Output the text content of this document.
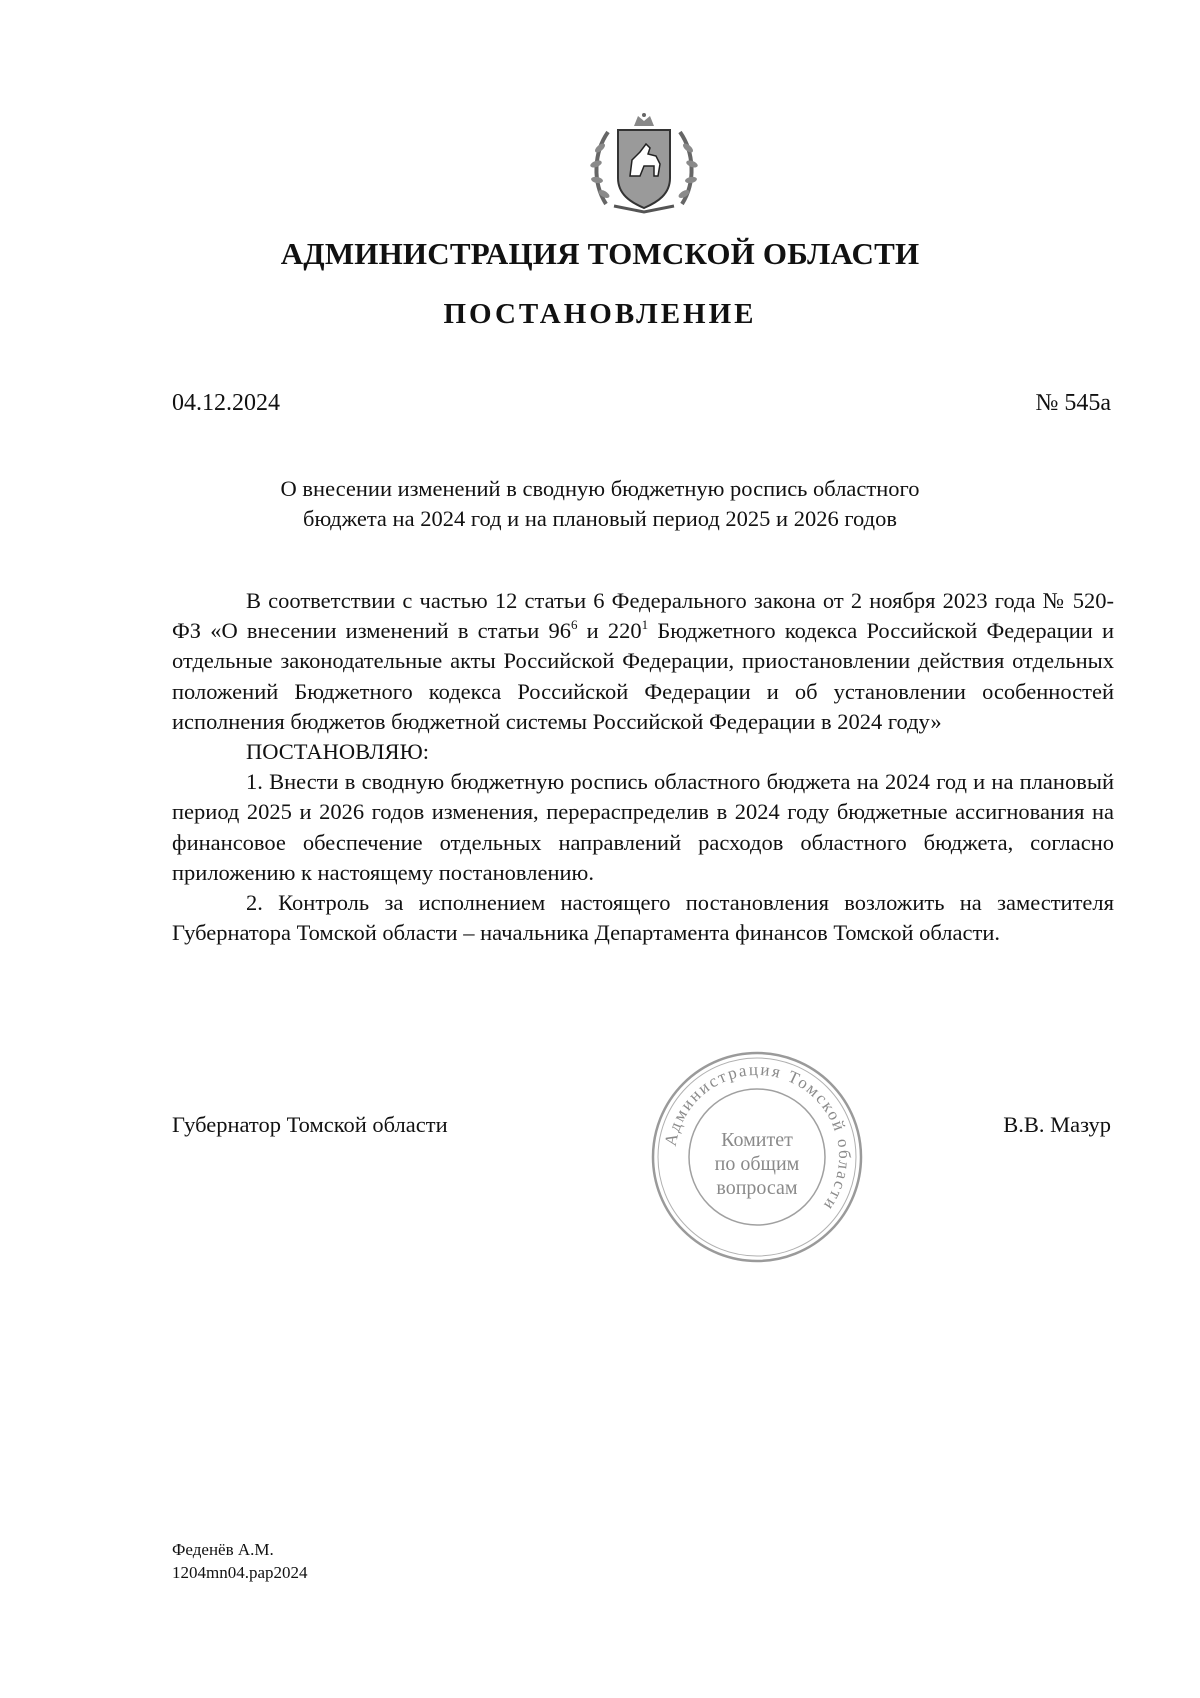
АДМИНИСТРАЦИЯ ТОМСКОЙ ОБЛАСТИ
ПОСТАНОВЛЕНИЕ
04.12.2024	№ 545а
О внесении изменений в сводную бюджетную роспись областного
бюджета на 2024 год и на плановый период 2025 и 2026 годов
В соответствии с частью 12 статьи 6 Федерального закона от 2 ноября 2023 года № 520-ФЗ «О внесении изменений в статьи $96^6$ и $220^1$ Бюджетного кодекса Российской Федерации и отдельные законодательные акты Российской Федерации, приостановлении действия отдельных положений Бюджетного кодекса Российской Федерации и об установлении особенностей исполнения бюджетов бюджетной системы Российской Федерации в 2024 году»
ПОСТАНОВЛЯЮ:
1. Внести в сводную бюджетную роспись областного бюджета на 2024 год и на плановый период 2025 и 2026 годов изменения, перераспределив в 2024 году бюджетные ассигнования на финансовое обеспечение отдельных направлений расходов областного бюджета, согласно приложению к настоящему постановлению.
2. Контроль за исполнением настоящего постановления возложить на заместителя Губернатора Томской области – начальника Департамента финансов Томской области.
Губернатор Томской области	В.В. Мазур
Администрация Томской области
Комитет
по общим
вопросам
Феденёв А.М.
1204mn04.pap2024
